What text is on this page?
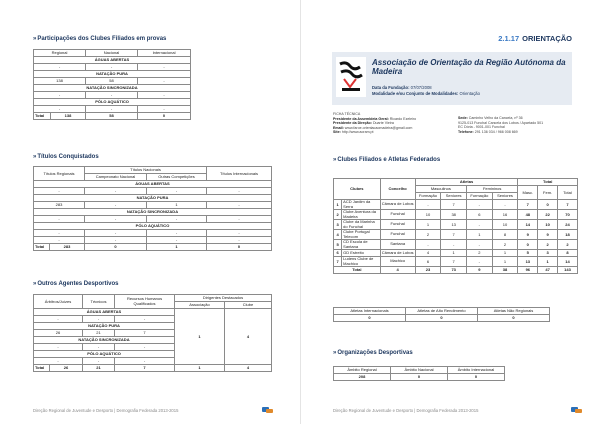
»Participações dos Clubes Filiados em provas
Regional		Nacional	Internacional
ÁGUAS ABERTAS			
-		-	-
NATAÇÃO PURA			
138		58	-
NATAÇÃO SINCRONIZADA			
-		-	-
PÓLO AQUÁTICO			
-		-	-
Total	138	58	0
»Títulos Conquistados
Títulos Regionais		Títulos Nacionais		Títulos Internacionais
		Campeonato Nacional	Outras Competições	
ÁGUAS ABERTAS				
-		-	-	-
NATAÇÃO PURA				
283		-	1	-
NATAÇÃO SINCRONIZADA				
-		-	-	-
PÓLO AQUÁTICO				
-		-	-	-
-		-	-	-
Total	283	0	1	0
»Outros Agentes Desportivos
Árbitros/Juízes		Técnicos	Recursos Humanos Qualificados	Dirigentes Destacados	
				Associação	Clube
ÁGUAS ABERTAS				1	4
-		-	-		
NATAÇÃO PURA					
26		21	7		
NATAÇÃO SINCRONIZADA					
-		-	-		
PÓLO AQUÁTICO					
-		-	-		
Total	26	21	7	1	4
Direção Regional de Juventude e Desporto | Demografia Federada 2013-2015
2.1.17 ORIENTAÇÃO
Associação de Orientação da Região Autónoma da Madeira
Data da Fundação: 07/07/2008
Modalidade e/ou Conjunto de Modalidades: Orientação
FICHA TÉCNICA
Presidente da Assembleia Geral: Ricardo Ezeleiro
Presidente da Direção: Duarte Vieira
Email: www.faroe.orientacaomadeira@gmail.com
Site: http://www.aoram.pt
Sede: Caminho Velho da Cancela, nº 36
9125-013 Funchal Cancela dos Lobos / Apartado 501
EC Dória - 9001-001 Funchal
Telefone: 291 136 034 / 966 008 669
»Clubes Filiados e Atletas Federados
Clubes		Concelho	Atletas				Total		
			Masculinos		Femininos		Masc.	Fem.	Total
			Formação	Seniores	Formação	Seniores			
1	ACD Jardim da Serra	Câmara de Lobos	-	7	-	-	7	0	7
2	Clube Aventura da Madeira	Funchal	10	38	6	16	48	22	70
3	Clube da Marinha do Funchal	Funchal	1	13	-	10	14	10	24
4	Clube Portugal Telecom	Funchal	2	7	1	8	9	9	18
5	CD Escola de Santana	Santana	-	-	-	2	0	2	2
6	GD Estreito	Câmara de Lobos	4	1	2	1	5	3	8
7	Ludens Clube de Machico	Machico	6	7	-	1	13	1	14
Total		4	23	73	9	38	96	47	143
Atletas Internacionais	Atletas de Alto Rendimento	Atletas Não Regionais
0	0	0
»Organizações Desportivas
Âmbito Regional	Âmbito Nacional	Âmbito Internacional
208	0	0
Direção Regional de Juventude e Desporto | Demografia Federada 2013-2015
